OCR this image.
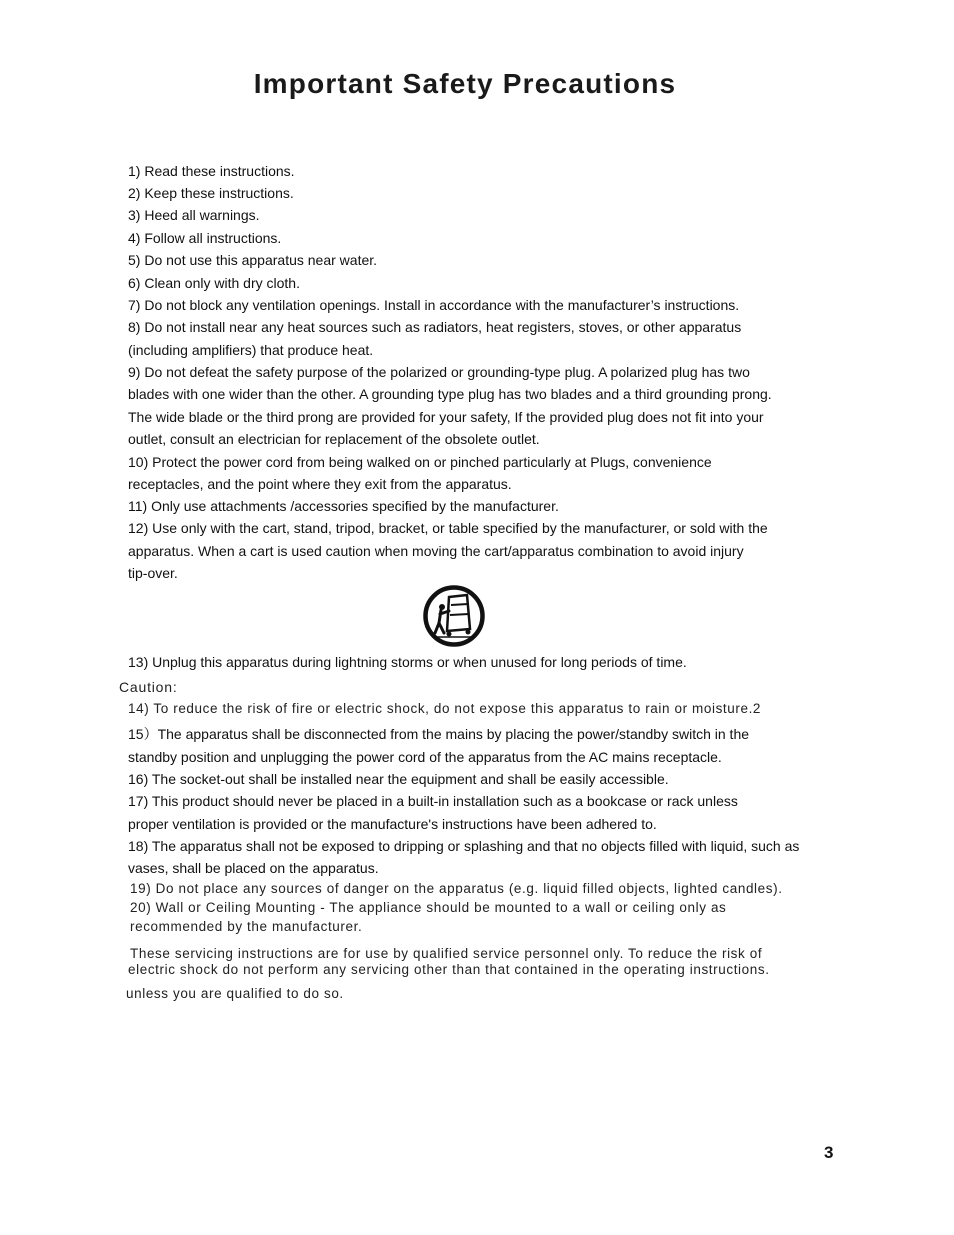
Important Safety Precautions
1) Read these instructions.
2) Keep these instructions.
3) Heed all warnings.
4) Follow all instructions.
5) Do not use this apparatus near water.
6) Clean only with dry cloth.
7) Do not block any ventilation openings. Install in accordance with the manufacturer’s instructions.
8) Do not install near any heat sources such as radiators, heat registers, stoves, or other apparatus
(including amplifiers) that produce heat.
9) Do not defeat the safety purpose of the polarized or grounding-type plug. A polarized plug has two
blades with one wider than the other. A grounding type plug has two blades and a third grounding prong.
The wide blade or the third prong are provided for your safety, If the provided plug does not fit into your
outlet, consult an electrician for replacement of the obsolete outlet.
10) Protect the power cord from being walked on or pinched particularly at Plugs, convenience
receptacles, and the point where they exit from the apparatus.
11) Only use attachments /accessories specified by the manufacturer.
12) Use only with the cart, stand, tripod, bracket, or table specified by the manufacturer, or sold with the
apparatus. When a cart is used caution when moving the cart/apparatus combination to avoid injury
tip-over.
13) Unplug this apparatus during lightning storms or when unused for long periods of time.
Caution:
14) To reduce the risk of fire or electric shock, do not expose this apparatus to rain or moisture.2
15）The apparatus shall be disconnected from the mains by placing the power/standby switch in the
standby position and unplugging the power cord of the apparatus from the AC mains receptacle.
16) The socket-out shall be installed near the equipment and shall be easily accessible.
17) This product should never be placed in a built-in installation such as a bookcase or rack unless
proper ventilation is provided or the manufacture's instructions have been adhered to.
18) The apparatus shall not be exposed to dripping or splashing and that no objects filled with liquid, such as
vases, shall be placed on the apparatus.
19) Do not place any sources of danger on the apparatus (e.g. liquid filled objects, lighted candles).
20) Wall or Ceiling Mounting - The appliance should be mounted to a wall or ceiling only as
recommended by the manufacturer.
These servicing instructions are for use by qualified service personnel only. To reduce the risk of
electric shock do not perform any servicing other than that contained in the operating instructions.
unless you are qualified to do so.
3
